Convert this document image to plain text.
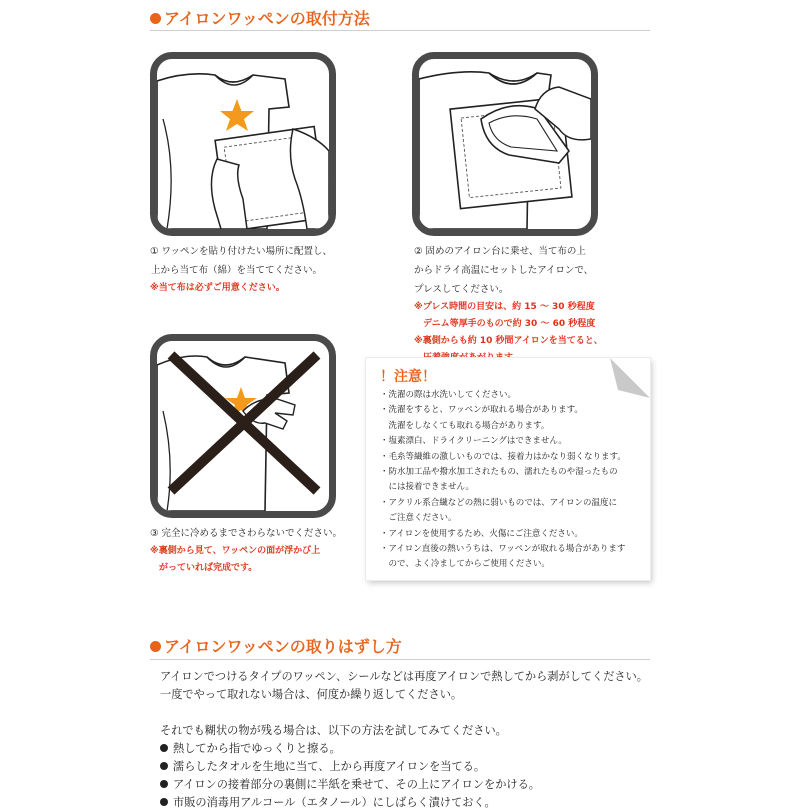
アイロンワッペンの取付方法
① ワッペンを貼り付けたい場所に配置し、
上から当て布（綿）を当ててください。
※当て布は必ずご用意ください。
② 固めのアイロン台に乗せ、当て布の上
からドライ高温にセットしたアイロンで、
プレスしてください。
※プレス時間の目安は、約 15 ～ 30 秒程度
　デニム等厚手のもので約 30 ～ 60 秒程度
※裏側からも約 10 秒間アイロンを当てると、
③ 完全に冷めるまでさわらないでください。
※裏側から見て、ワッペンの面が浮かび上
　がっていれば完成です。
！注意！
・洗濯の際は水洗いしてください。
・洗濯をすると、ワッペンが取れる場合があります。
　洗濯をしなくても取れる場合があります。
・塩素漂白、ドライクリーニングはできません。
・毛糸等繊維の激しいものでは、接着力はかなり弱くなります。
・防水加工品や撥水加工されたもの、濡れたものや湿ったもの
　には接着できません。
・アクリル系合繊などの熱に弱いものでは、アイロンの温度に
　ご注意ください。
・アイロンを使用するため、火傷にご注意ください。
・アイロン直後の熱いうちは、ワッペンが取れる場合があります
　ので、よく冷ましてからご使用ください。
アイロンワッペンの取りはずし方
アイロンでつけるタイプのワッペン、シールなどは再度アイロンで熱してから剥がしてください。
一度でやって取れない場合は、何度か繰り返してください。
それでも糊状の物が残る場合は、以下の方法を試してみてください。
熱してから指でゆっくりと擦る。
濡らしたタオルを生地に当て、上から再度アイロンを当てる。
アイロンの接着部分の裏側に半紙を乗せて、その上にアイロンをかける。
市販の消毒用アルコール（エタノール）にしばらく漬けておく。
